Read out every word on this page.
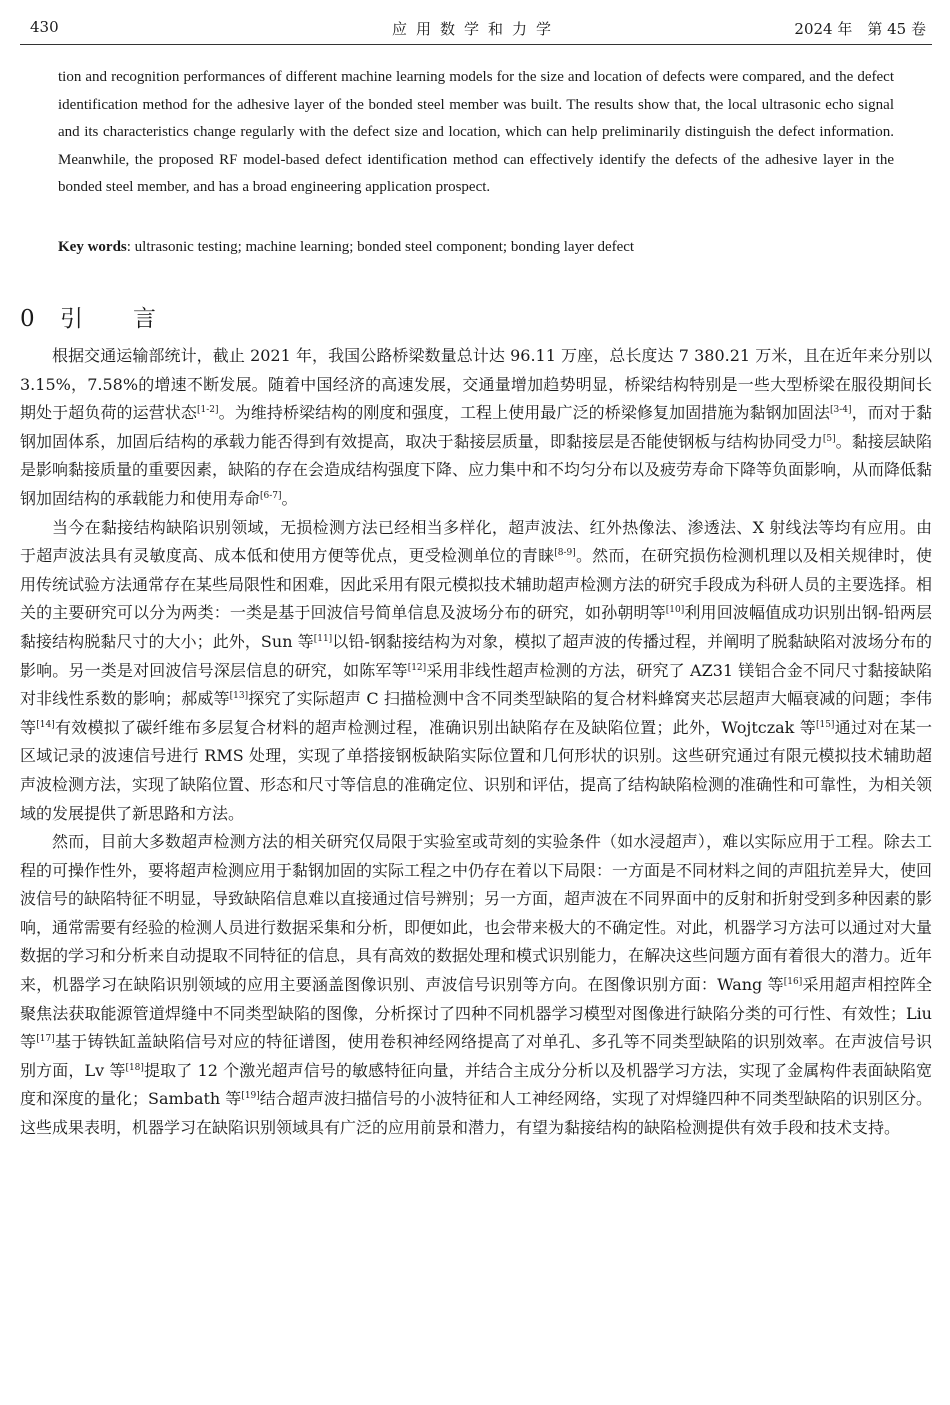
430	应用数学和力学	2024 年　第 45 卷

tion and recognition performances of different machine learning models for the size and location of defects were compared, and the defect identification method for the adhesive layer of the bonded steel member was built. The results show that, the local ultrasonic echo signal and its characteristics change regularly with the defect size and location, which can help preliminarily distinguish the defect information. Meanwhile, the proposed RF model-based defect identification method can effectively identify the defects of the adhesive layer in the bonded steel member, and has a broad engineering application prospect.

Key words: ultrasonic testing; machine learning; bonded steel component; bonding layer defect

0 引言

根据交通运输部统计，截止 2021 年，我国公路桥梁数量总计达 96.11 万座，总长度达 7 380.21 万米，且在近年来分别以 3.15%，7.58%的增速不断发展。随着中国经济的高速发展，交通量增加趋势明显，桥梁结构特别是一些大型桥梁在服役期间长期处于超负荷的运营状态[1-2]。为维持桥梁结构的刚度和强度，工程上使用最广泛的桥梁修复加固措施为黏钢加固法[3-4]，而对于黏钢加固体系，加固后结构的承载力能否得到有效提高，取决于黏接层质量，即黏接层是否能使钢板与结构协同受力[5]。黏接层缺陷是影响黏接质量的重要因素，缺陷的存在会造成结构强度下降、应力集中和不均匀分布以及疲劳寿命下降等负面影响，从而降低黏钢加固结构的承载能力和使用寿命[6-7]。

当今在黏接结构缺陷识别领域，无损检测方法已经相当多样化，超声波法、红外热像法、渗透法、X 射线法等均有应用。由于超声波法具有灵敏度高、成本低和使用方便等优点，更受检测单位的青睐[8-9]。然而，在研究损伤检测机理以及相关规律时，使用传统试验方法通常存在某些局限性和困难，因此采用有限元模拟技术辅助超声检测方法的研究手段成为科研人员的主要选择。相关的主要研究可以分为两类：一类是基于回波信号简单信息及波场分布的研究，如孙朝明等[10]利用回波幅值成功识别出钢-铅两层黏接结构脱黏尺寸的大小；此外，Sun 等[11]以铅-钢黏接结构为对象，模拟了超声波的传播过程，并阐明了脱黏缺陷对波场分布的影响。另一类是对回波信号深层信息的研究，如陈军等[12]采用非线性超声检测的方法，研究了 AZ31 镁铝合金不同尺寸黏接缺陷对非线性系数的影响；郝威等[13]探究了实际超声 C 扫描检测中含不同类型缺陷的复合材料蜂窝夹芯层超声大幅衰减的问题；李伟等[14]有效模拟了碳纤维布多层复合材料的超声检测过程，准确识别出缺陷存在及缺陷位置；此外，Wojtczak 等[15]通过对在某一区域记录的波速信号进行 RMS 处理，实现了单搭接钢板缺陷实际位置和几何形状的识别。这些研究通过有限元模拟技术辅助超声波检测方法，实现了缺陷位置、形态和尺寸等信息的准确定位、识别和评估，提高了结构缺陷检测的准确性和可靠性，为相关领域的发展提供了新思路和方法。

然而，目前大多数超声检测方法的相关研究仅局限于实验室或苛刻的实验条件（如水浸超声），难以实际应用于工程。除去工程的可操作性外，要将超声检测应用于黏钢加固的实际工程之中仍存在着以下局限：一方面是不同材料之间的声阻抗差异大，使回波信号的缺陷特征不明显，导致缺陷信息难以直接通过信号辨别；另一方面，超声波在不同界面中的反射和折射受到多种因素的影响，通常需要有经验的检测人员进行数据采集和分析，即便如此，也会带来极大的不确定性。对此，机器学习方法可以通过对大量数据的学习和分析来自动提取不同特征的信息，具有高效的数据处理和模式识别能力，在解决这些问题方面有着很大的潜力。近年来，机器学习在缺陷识别领域的应用主要涵盖图像识别、声波信号识别等方向。在图像识别方面：Wang 等[16]采用超声相控阵全聚焦法获取能源管道焊缝中不同类型缺陷的图像，分析探讨了四种不同机器学习模型对图像进行缺陷分类的可行性、有效性；Liu 等[17]基于铸铁缸盖缺陷信号对应的特征谱图，使用卷积神经网络提高了对单孔、多孔等不同类型缺陷的识别效率。在声波信号识别方面，Lv 等[18]提取了 12 个激光超声信号的敏感特征向量，并结合主成分分析以及机器学习方法，实现了金属构件表面缺陷宽度和深度的量化；Sambath 等[19]结合超声波扫描信号的小波特征和人工神经网络，实现了对焊缝四种不同类型缺陷的识别区分。这些成果表明，机器学习在缺陷识别领域具有广泛的应用前景和潜力，有望为黏接结构的缺陷检测提供有效手段和技术支持。
